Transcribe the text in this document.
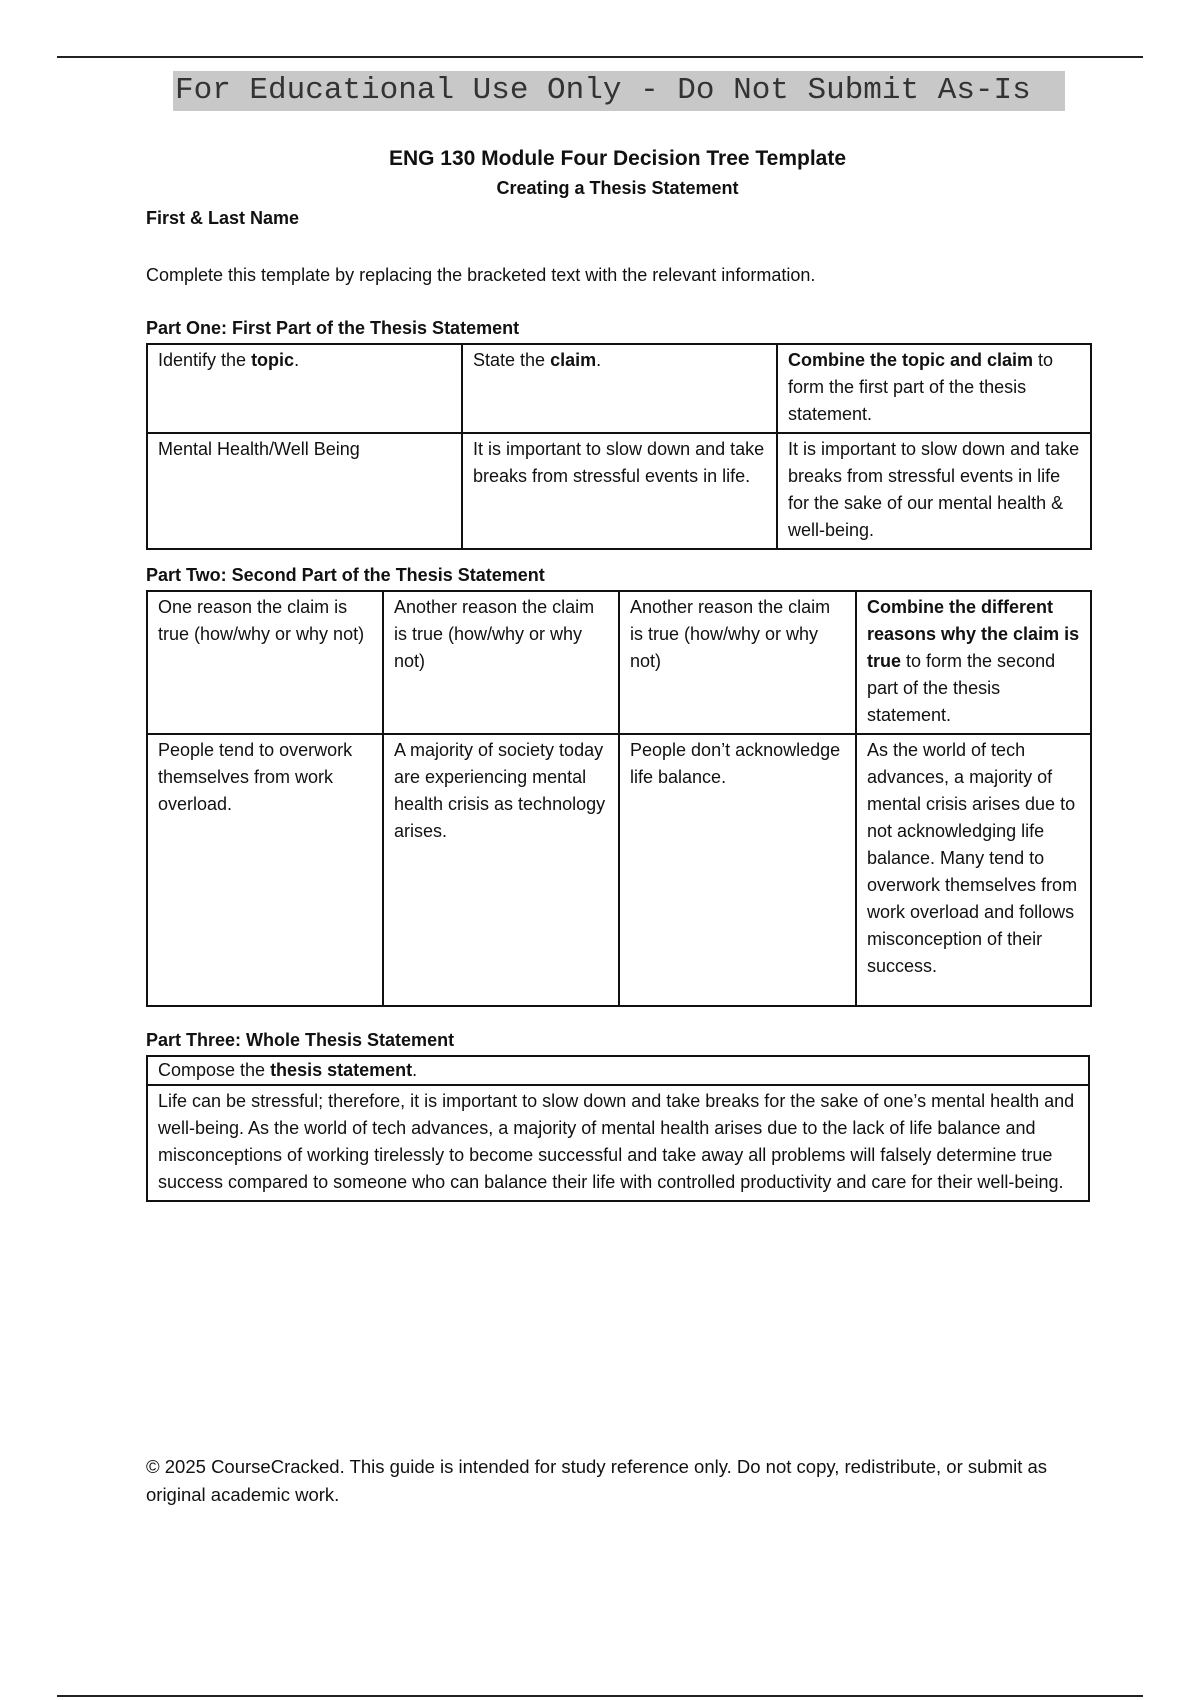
For Educational Use Only - Do Not Submit As-Is
ENG 130 Module Four Decision Tree Template
Creating a Thesis Statement
First & Last Name
Complete this template by replacing the bracketed text with the relevant information.
Part One: First Part of the Thesis Statement
Identify the topic.	State the claim.	Combine the topic and claim to form the first part of the thesis statement.
Mental Health/Well Being	It is important to slow down and take breaks from stressful events in life.	It is important to slow down and take breaks from stressful events in life for the sake of our mental health & well-being.
Part Two: Second Part of the Thesis Statement
One reason the claim is true (how/why or why not)	Another reason the claim is true (how/why or why not)	Another reason the claim is true (how/why or why not)	Combine the different reasons why the claim is true to form the second part of the thesis statement.
People tend to overwork themselves from work overload.	A majority of society today are experiencing mental health crisis as technology arises.	People don’t acknowledge life balance.	As the world of tech advances, a majority of mental crisis arises due to not acknowledging life balance. Many tend to overwork themselves from work overload and follows misconception of their success.
Part Three: Whole Thesis Statement
Compose the thesis statement.
Life can be stressful; therefore, it is important to slow down and take breaks for the sake of one’s mental health and well-being. As the world of tech advances, a majority of mental health arises due to the lack of life balance and misconceptions of working tirelessly to become successful and take away all problems will falsely determine true success compared to someone who can balance their life with controlled productivity and care for their well-being.
© 2025 CourseCracked. This guide is intended for study reference only. Do not copy, redistribute, or submit as original academic work.
